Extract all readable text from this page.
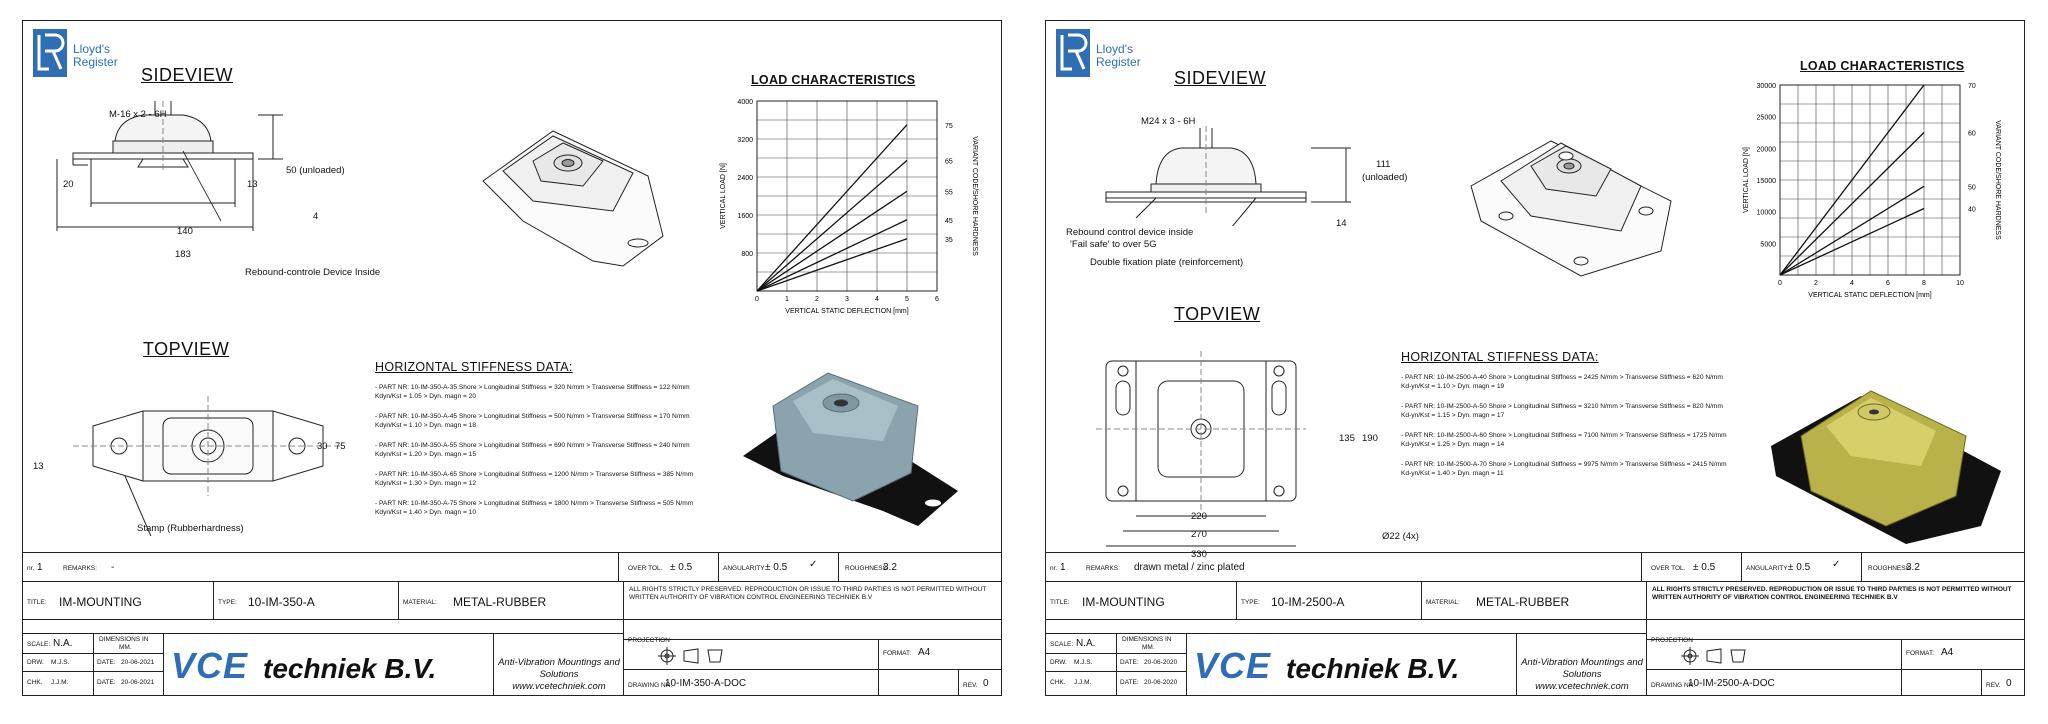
Lloyd's
Register
SIDEVIEW
M-16 x 2 - 6H
50 (unloaded)
20	13
4
140
183
Rebound-controle Device Inside
TOPVIEW
13
30 75
Stamp (Rubberhardness)
LOAD CHARACTERISTICS
4000
3200
2400
1600
800
0	1	2	3	4	5	6
75
65
55
45
35
VERTICAL STATIC DEFLECTION [mm]
VERTICAL LOAD [N]	VARIANT CODE/SHORE HARDNESS
HORIZONTAL STIFFNESS DATA:
- PART NR: 10-IM-350-A-35 Shore > Longitudinal Stiffness = 320 N/mm > Transverse Stiffness = 122 N/mm
Kdyn/Kst = 1.05 > Dyn. magn = 20
- PART NR: 10-IM-350-A-45 Shore > Longitudinal Stiffness = 500 N/mm > Transverse Stiffness = 170 N/mm
Kdyn/Kst = 1.10 > Dyn. magn = 18
- PART NR: 10-IM-350-A-55 Shore > Longitudinal Stiffness = 690 N/mm > Transverse Stiffness = 240 N/mm
Kdyn/Kst = 1.20 > Dyn. magn = 15
- PART NR: 10-IM-350-A-65 Shore > Longitudinal Stiffness = 1200 N/mm > Transverse Stiffness = 385 N/mm
Kdyn/Kst = 1.30 > Dyn. magn = 12
- PART NR: 10-IM-350-A-75 Shore > Longitudinal Stiffness = 1800 N/mm > Transverse Stiffness = 505 N/mm
Kdyn/Kst = 1.40 > Dyn. magn = 10
nr. 1	REMARKS: -	OVER TOL. ± 0.5	ANGULARITY ± 0.5 ✓	ROUGHNESS
3.2
TITLE: IM-MOUNTING	TYPE: 10-IM-350-A	MATERIAL: METAL-RUBBER
ALL RIGHTS STRICTLY PRESERVED. REPRODUCTION OR ISSUE TO THIRD PARTIES IS NOT PERMITTED WITHOUT WRITTEN AUTHORITY OF VIBRATION CONTROL ENGINEERING TECHNIEK B.V
SCALE: N.A.	DIMENSIONS IN
MM.
DRW. M.J.S.	DATE: 20-06-2021
CHK. J.J.M.	DATE: 20-06-2021 VCE techniek B.V.	Anti-Vibration Mountings and Solutions
www.vcetechniek.com
PROJECTION
FORMAT: A4
DRAWING NR.
10-IM-350-A-DOC	REV. 0
Lloyd's
Register
SIDEVIEW
M24 x 3 - 6H
111
(unloaded)
14
Rebound control device inside
'Fail safe' to over 5G
Double fixation plate (reinforcement)
TOPVIEW
135 190
220
270
330
Ø22 (4x)
LOAD CHARACTERISTICS
30000
25000
20000
15000
10000
5000
0	2	4	6	8	10
70
60
50
40
VERTICAL STATIC DEFLECTION [mm]
VERTICAL LOAD [N]	VARIANT CODE/SHORE HARDNESS
HORIZONTAL STIFFNESS DATA:
- PART NR: 10-IM-2500-A-40 Shore > Longitudinal Stiffness = 2425 N/mm > Transverse Stiffness = 620 N/mm
Kd-yn/Kst = 1.10 > Dyn. magn = 19
- PART NR: 10-IM-2500-A-50 Shore > Longitudinal Stiffness = 3210 N/mm > Transverse Stiffness = 820 N/mm
Kd-yn/Kst = 1.15 > Dyn. magn = 17
- PART NR: 10-IM-2500-A-60 Shore > Longitudinal Stiffness = 7100 N/mm > Transverse Stiffness = 1725 N/mm
Kd-yn/Kst = 1.25 > Dyn. magn = 14
- PART NR: 10-IM-2500-A-70 Shore > Longitudinal Stiffness = 9975 N/mm > Transverse Stiffness = 2415 N/mm
Kd-yn/Kst = 1.40 > Dyn. magn = 11
nr. 1	REMARKS: drawn metal / zinc plated	OVER TOL. ± 0.5	ANGULARITY ± 0.5 ✓	ROUGHNESS
3.2
TITLE: IM-MOUNTING	TYPE: 10-IM-2500-A	MATERIAL: METAL-RUBBER
ALL RIGHTS STRICTLY PRESERVED. REPRODUCTION OR ISSUE TO THIRD PARTIES IS NOT PERMITTED WITHOUT WRITTEN AUTHORITY OF VIBRATION CONTROL ENGINEERING TECHNIEK B.V
SCALE: N.A.	DIMENSIONS IN
MM.
DRW. M.J.S.	DATE: 20-06-2020
CHK. J.J.M.	DATE: 20-06-2020 VCE techniek B.V.	Anti-Vibration Mountings and Solutions
www.vcetechniek.com
PROJECTION
FORMAT: A4
DRAWING NR.
10-IM-2500-A-DOC	REV. 0
